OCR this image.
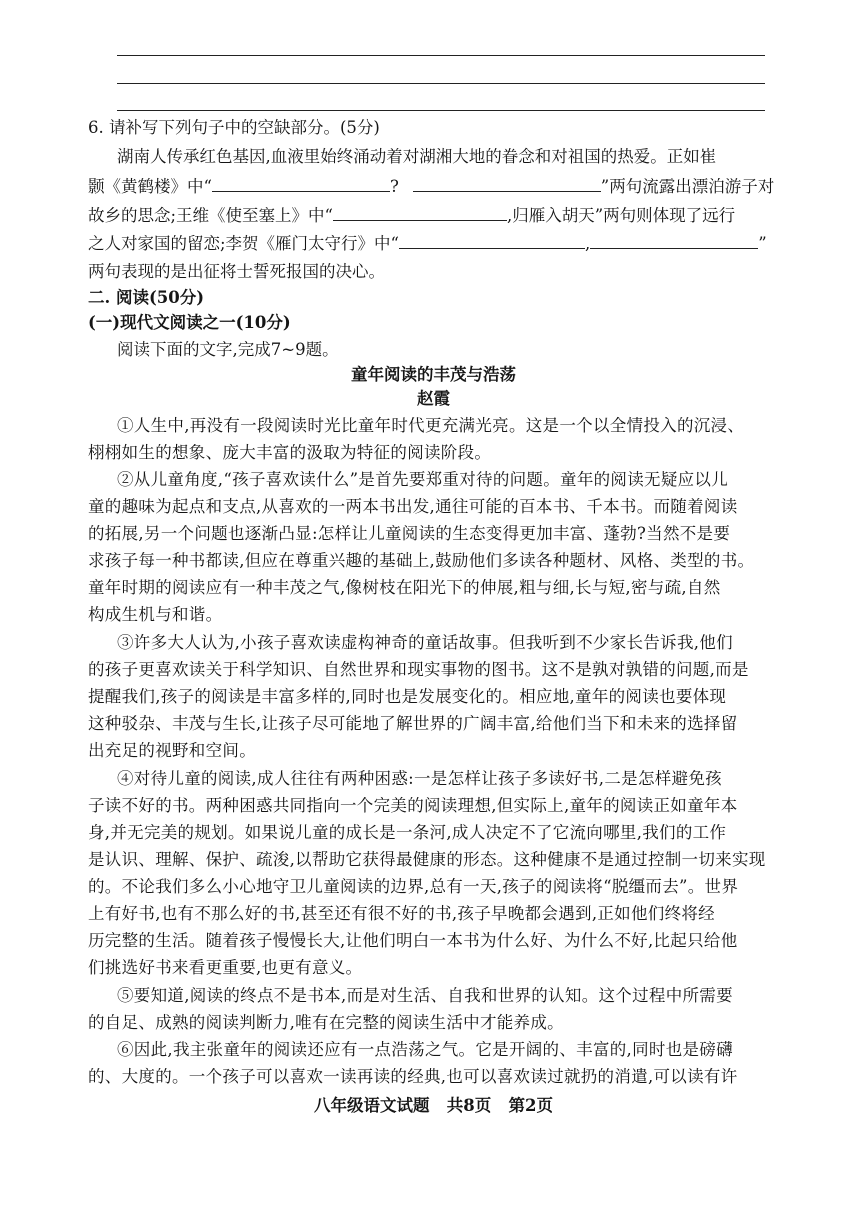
6. 请补写下列句子中的空缺部分。(5分)
湖南人传承红色基因,血液里始终涌动着对湖湘大地的眷念和对祖国的热爱。正如崔
颢《黄鹤楼》中“	?	”两句流露出漂泊游子对
故乡的思念;王维《使至塞上》中“	,归雁入胡天”两句则体现了远行
之人对家国的留恋;李贺《雁门太守行》中“	,	”
两句表现的是出征将士誓死报国的决心。
二. 阅读(50分)
(一)现代文阅读之一(10分)
阅读下面的文字,完成7~9题。
童年阅读的丰茂与浩荡
赵霞
①人生中,再没有一段阅读时光比童年时代更充满光亮。这是一个以全情投入的沉浸、
栩栩如生的想象、庞大丰富的汲取为特征的阅读阶段。
②从儿童角度,“孩子喜欢读什么”是首先要郑重对待的问题。童年的阅读无疑应以儿
童的趣味为起点和支点,从喜欢的一两本书出发,通往可能的百本书、千本书。而随着阅读
的拓展,另一个问题也逐渐凸显:怎样让儿童阅读的生态变得更加丰富、蓬勃?当然不是要
求孩子每一种书都读,但应在尊重兴趣的基础上,鼓励他们多读各种题材、风格、类型的书。
童年时期的阅读应有一种丰茂之气,像树枝在阳光下的伸展,粗与细,长与短,密与疏,自然
构成生机与和谐。
③许多大人认为,小孩子喜欢读虚构神奇的童话故事。但我听到不少家长告诉我,他们
的孩子更喜欢读关于科学知识、自然世界和现实事物的图书。这不是孰对孰错的问题,而是
提醒我们,孩子的阅读是丰富多样的,同时也是发展变化的。相应地,童年的阅读也要体现
这种驳杂、丰茂与生长,让孩子尽可能地了解世界的广阔丰富,给他们当下和未来的选择留
出充足的视野和空间。
④对待儿童的阅读,成人往往有两种困惑:一是怎样让孩子多读好书,二是怎样避免孩
子读不好的书。两种困惑共同指向一个完美的阅读理想,但实际上,童年的阅读正如童年本
身,并无完美的规划。如果说儿童的成长是一条河,成人决定不了它流向哪里,我们的工作
是认识、理解、保护、疏浚,以帮助它获得最健康的形态。这种健康不是通过控制一切来实现
的。不论我们多么小心地守卫儿童阅读的边界,总有一天,孩子的阅读将“脱缰而去”。世界
上有好书,也有不那么好的书,甚至还有很不好的书,孩子早晚都会遇到,正如他们终将经
历完整的生活。随着孩子慢慢长大,让他们明白一本书为什么好、为什么不好,比起只给他
们挑选好书来看更重要,也更有意义。
⑤要知道,阅读的终点不是书本,而是对生活、自我和世界的认知。这个过程中所需要
的自足、成熟的阅读判断力,唯有在完整的阅读生活中才能养成。
⑥因此,我主张童年的阅读还应有一点浩荡之气。它是开阔的、丰富的,同时也是磅礴
的、大度的。一个孩子可以喜欢一读再读的经典,也可以喜欢读过就扔的消遣,可以读有许
八年级语文试题   共8页   第2页
